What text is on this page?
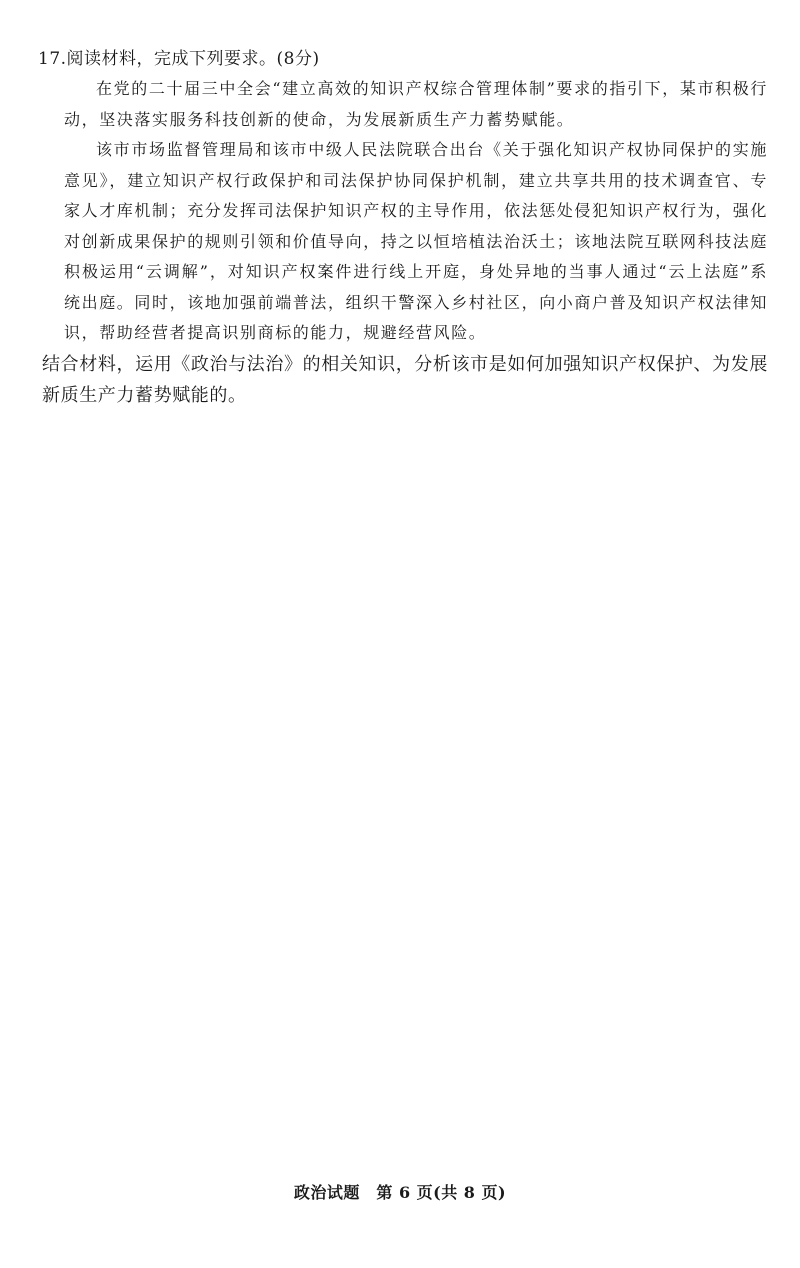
17.阅读材料，完成下列要求。(8分)

在党的二十届三中全会“建立高效的知识产权综合管理体制”要求的指引下，某市积极行动，坚决落实服务科技创新的使命，为发展新质生产力蓄势赋能。

该市市场监督管理局和该市中级人民法院联合出台《关于强化知识产权协同保护的实施意见》，建立知识产权行政保护和司法保护协同保护机制，建立共享共用的技术调查官、专家人才库机制；充分发挥司法保护知识产权的主导作用，依法惩处侵犯知识产权行为，强化对创新成果保护的规则引领和价值导向，持之以恒培植法治沃土；该地法院互联网科技法庭积极运用“云调解”，对知识产权案件进行线上开庭，身处异地的当事人通过“云上法庭”系统出庭。同时，该地加强前端普法，组织干警深入乡村社区，向小商户普及知识产权法律知识，帮助经营者提高识别商标的能力，规避经营风险。

结合材料，运用《政治与法治》的相关知识，分析该市是如何加强知识产权保护、为发展新质生产力蓄势赋能的。

政治试题　第 6 页(共 8 页)
